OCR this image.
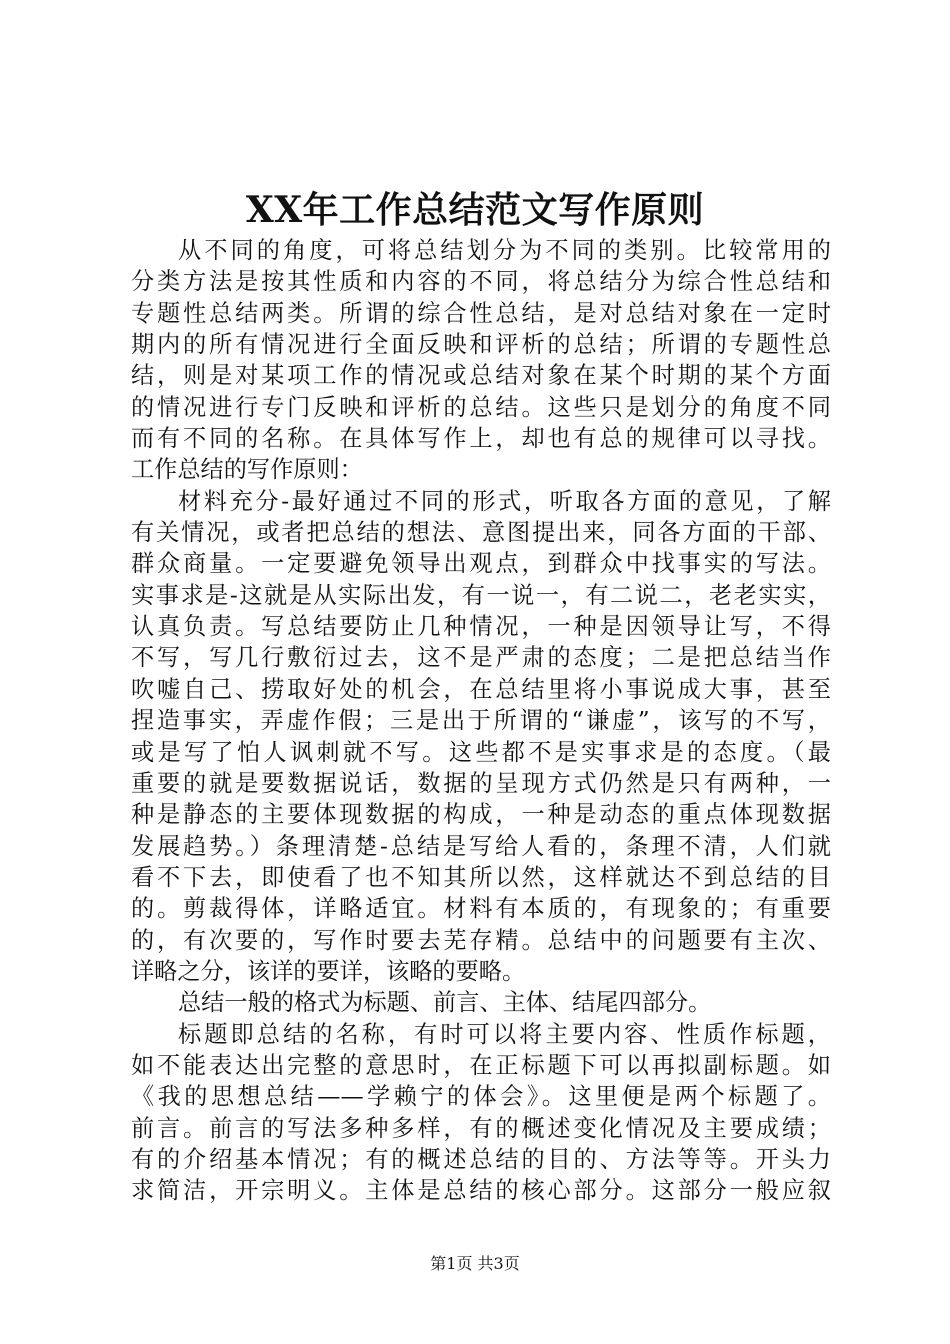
XX年工作总结范文写作原则
从不同的角度，可将总结划分为不同的类别。比较常用的
分类方法是按其性质和内容的不同，将总结分为综合性总结和
专题性总结两类。所谓的综合性总结，是对总结对象在一定时
期内的所有情况进行全面反映和评析的总结；所谓的专题性总
结，则是对某项工作的情况或总结对象在某个时期的某个方面
的情况进行专门反映和评析的总结。这些只是划分的角度不同
而有不同的名称。在具体写作上，却也有总的规律可以寻找。
工作总结的写作原则：
材料充分-最好通过不同的形式，听取各方面的意见，了解
有关情况，或者把总结的想法、意图提出来，同各方面的干部、
群众商量。一定要避免领导出观点，到群众中找事实的写法。
实事求是-这就是从实际出发，有一说一，有二说二，老老实实，
认真负责。写总结要防止几种情况，一种是因领导让写，不得
不写，写几行敷衍过去，这不是严肃的态度；二是把总结当作
吹嘘自己、捞取好处的机会，在总结里将小事说成大事，甚至
捏造事实，弄虚作假；三是出于所谓的“谦虚”，该写的不写，
或是写了怕人讽刺就不写。这些都不是实事求是的态度。（最
重要的就是要数据说话，数据的呈现方式仍然是只有两种，一
种是静态的主要体现数据的构成，一种是动态的重点体现数据
发展趋势。）条理清楚-总结是写给人看的，条理不清，人们就
看不下去，即使看了也不知其所以然，这样就达不到总结的目
的。剪裁得体，详略适宜。材料有本质的，有现象的；有重要
的，有次要的，写作时要去芜存精。总结中的问题要有主次、
详略之分，该详的要详，该略的要略。
总结一般的格式为标题、前言、主体、结尾四部分。
标题即总结的名称，有时可以将主要内容、性质作标题，
如不能表达出完整的意思时，在正标题下可以再拟副标题。如
《我的思想总结——学赖宁的体会》。这里便是两个标题了。
前言。前言的写法多种多样，有的概述变化情况及主要成绩；
有的介绍基本情况；有的概述总结的目的、方法等等。开头力
求简洁，开宗明义。主体是总结的核心部分。这部分一般应叙
第1页 共3页
